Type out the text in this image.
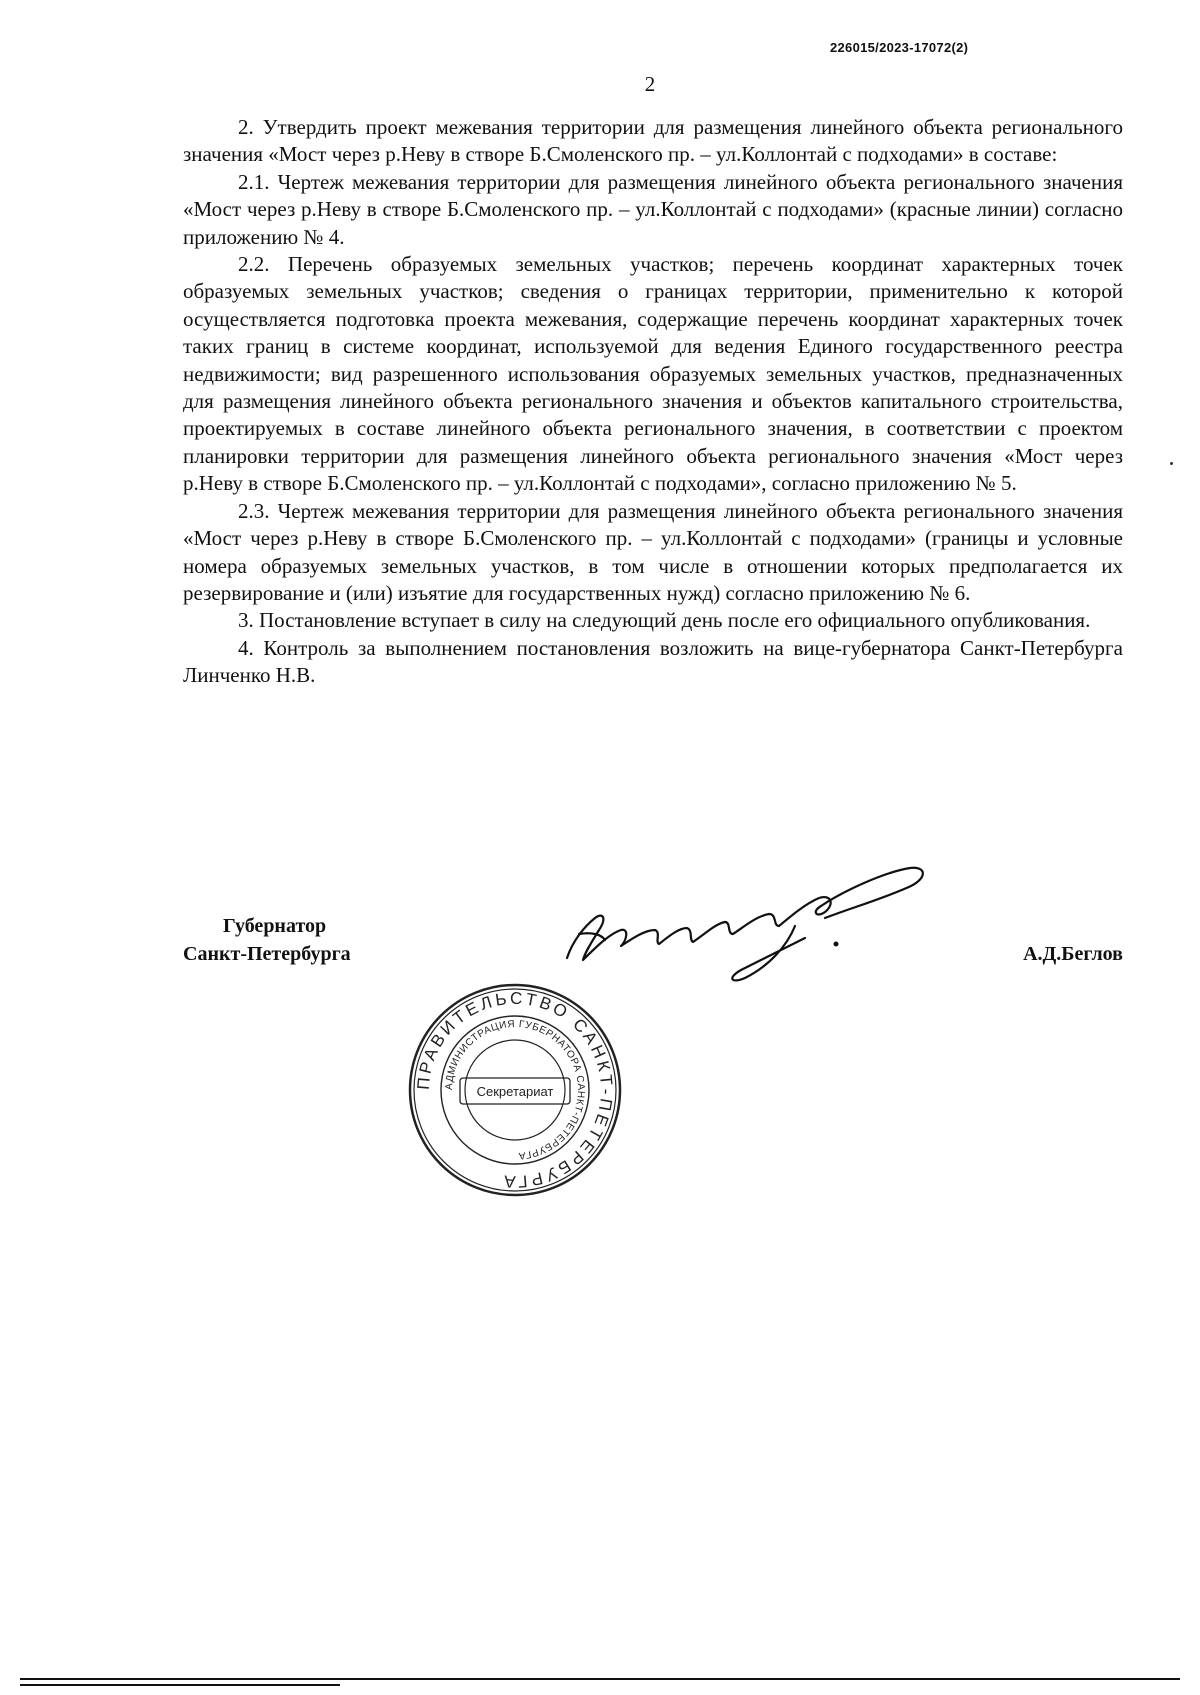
226015/2023-17072(2)
2

2. Утвердить проект межевания территории для размещения линейного объекта регионального значения «Мост через р.Неву в створе Б.Смоленского пр. – ул.Коллонтай с подходами» в составе:

2.1. Чертеж межевания территории для размещения линейного объекта регионального значения «Мост через р.Неву в створе Б.Смоленского пр. – ул.Коллонтай с подходами» (красные линии) согласно приложению № 4.

2.2. Перечень образуемых земельных участков; перечень координат характерных точек образуемых земельных участков; сведения о границах территории, применительно к которой осуществляется подготовка проекта межевания, содержащие перечень координат характерных точек таких границ в системе координат, используемой для ведения Единого государственного реестра недвижимости; вид разрешенного использования образуемых земельных участков, предназначенных для размещения линейного объекта регионального значения и объектов капитального строительства, проектируемых в составе линейного объекта регионального значения, в соответствии с проектом планировки территории для размещения линейного объекта регионального значения «Мост через р.Неву в створе Б.Смоленского пр. – ул.Коллонтай с подходами», согласно приложению № 5.

2.3. Чертеж межевания территории для размещения линейного объекта регионального значения «Мост через р.Неву в створе Б.Смоленского пр. – ул.Коллонтай с подходами» (границы и условные номера образуемых земельных участков, в том числе в отношении которых предполагается их резервирование и (или) изъятие для государственных нужд) согласно приложению № 6.

3. Постановление вступает в силу на следующий день после его официального опубликования.

4. Контроль за выполнением постановления возложить на вице-губернатора Санкт-Петербурга Линченко Н.В.

Губернатор
Санкт-Петербурга	А.Д.Беглов
ПРАВИТЕЛЬСТВО САНКТ-ПЕТЕРБУРГА
АДМИНИСТРАЦИЯ ГУБЕРНАТОРА САНКТ-ПЕТЕРБУРГА
Секретариат
